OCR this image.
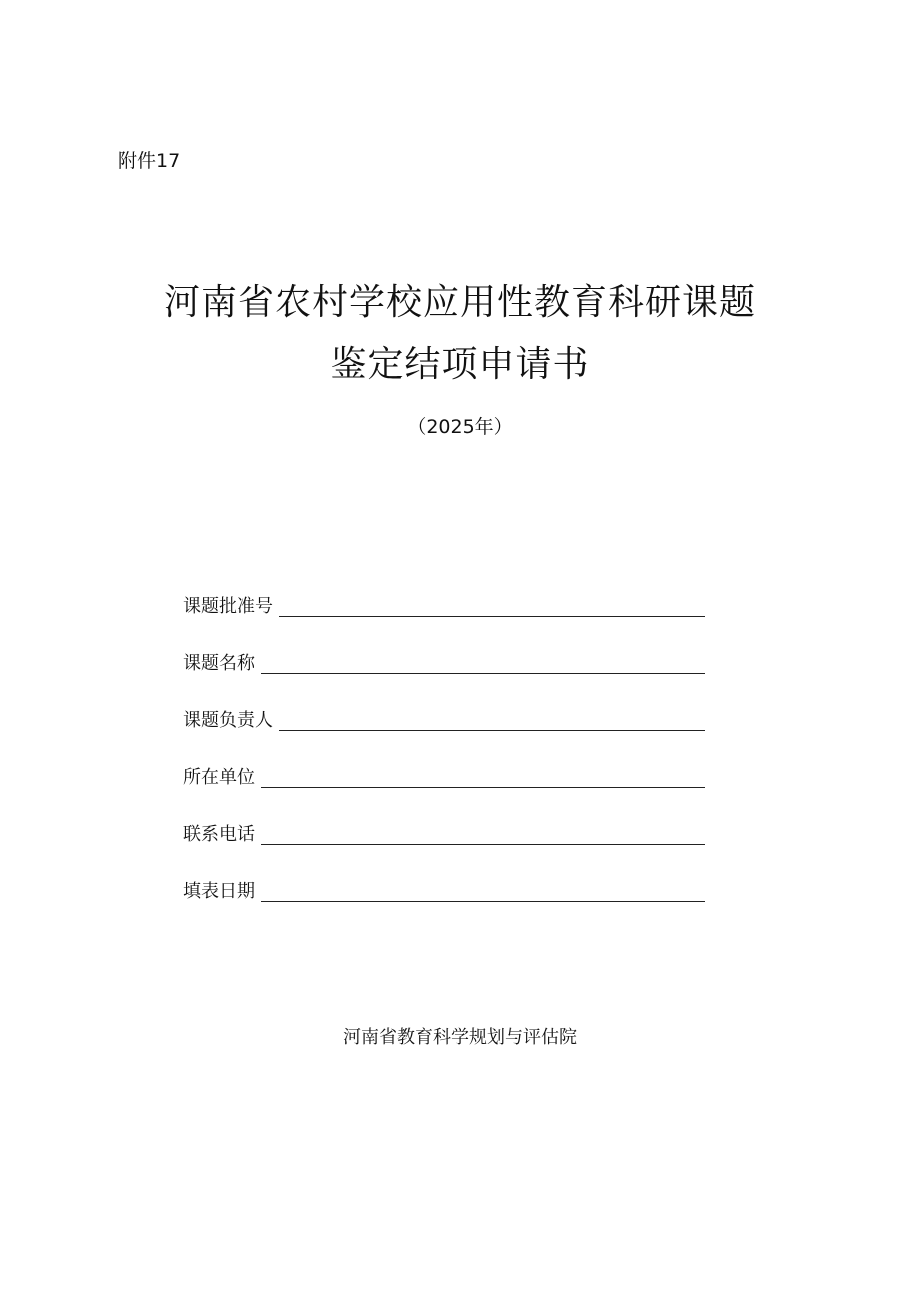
附件17
河南省农村学校应用性教育科研课题
鉴定结项申请书
（2025年）
课题批准号
课题名称
课题负责人
所在单位
联系电话
填表日期
河南省教育科学规划与评估院
